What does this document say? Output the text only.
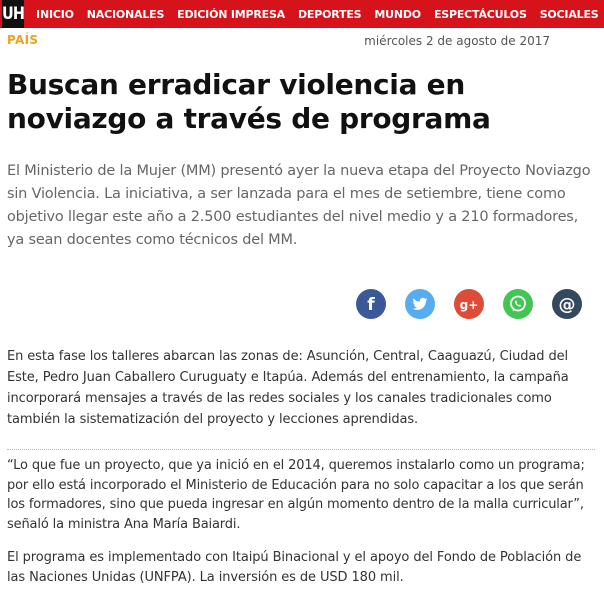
UH INICIO NACIONALES EDICIÓN IMPRESA DEPORTES MUNDO ESPECTÁCULOS SOCIALES
PAÍS	miércoles 2 de agosto de 2017
Buscan erradicar violencia en
noviazgo a través de programa

El Ministerio de la Mujer (MM) presentó ayer la nueva etapa del Proyecto Noviazgo sin Violencia. La iniciativa, a ser lanzada para el mes de setiembre, tiene como objetivo llegar este año a 2.500 estudiantes del nivel medio y a 210 formadores, ya sean docentes como técnicos del MM.

f	g+	@

En esta fase los talleres abarcan las zonas de: Asunción, Central, Caaguazú, Ciudad del Este, Pedro Juan Caballero Curuguaty e Itapúa. Además del entrenamiento, la campaña incorporará mensajes a través de las redes sociales y los canales tradicionales como también la sistematización del proyecto y lecciones aprendidas.

“Lo que fue un proyecto, que ya inició en el 2014, queremos instalarlo como un programa; por ello está incorporado el Ministerio de Educación para no solo capacitar a los que serán los formadores, sino que pueda ingresar en algún momento dentro de la malla curricular”, señaló la ministra Ana María Baiardi.

El programa es implementado con Itaipú Binacional y el apoyo del Fondo de Población de las Naciones Unidas (UNFPA). La inversión es de USD 180 mil.
